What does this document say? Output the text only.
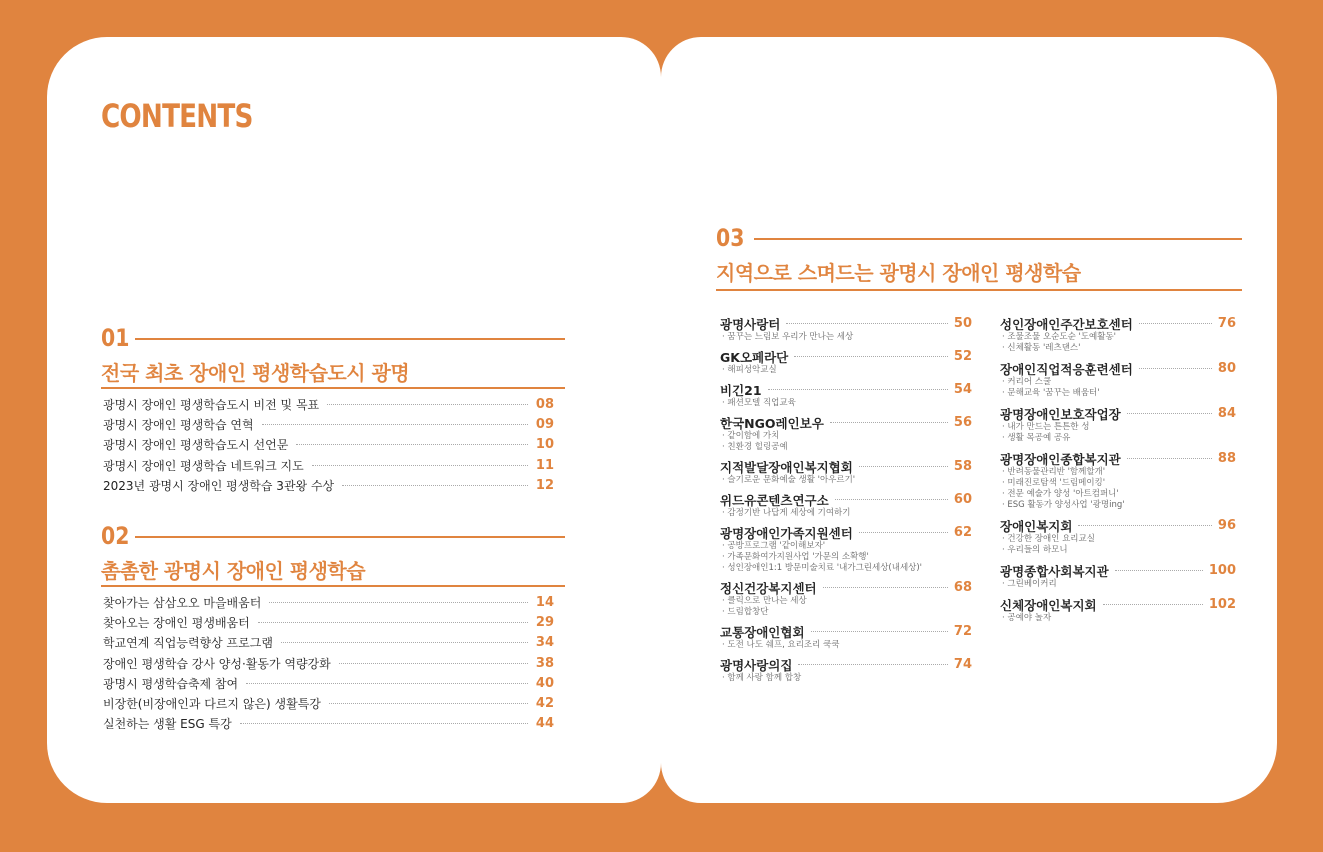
CONTENTS
01
전국 최초 장애인 평생학습도시 광명
광명시 장애인 평생학습도시 비전 및 목표	08
광명시 장애인 평생학습 연혁	09
광명시 장애인 평생학습도시 선언문	10
광명시 장애인 평생학습 네트워크 지도	11
2023년 광명시 장애인 평생학습 3관왕 수상	12
02
촘촘한 광명시 장애인 평생학습
찾아가는 삼삼오오 마을배움터	14
찾아오는 장애인 평생배움터	29
학교연계 직업능력향상 프로그램	34
장애인 평생학습 강사 양성·활동가 역량강화	38
광명시 평생학습축제 참여	40
비장한(비장애인과 다르지 않은) 생활특강	42
실천하는 생활 ESG 특강	44
03
지역으로 스며드는 광명시 장애인 평생학습
광명사랑터	50
· 꿈꾸는 느림보 우리가 만나는 세상
GK오페라단	52
· 해피성악교실
비긴21	54
· 패션모델 직업교육
한국NGO레인보우	56
· 같이함에 가치
· 친환경 힐링공예
지적발달장애인복지협회	58
· 슬기로운 문화예술 생활 '아우르기'
위드유콘텐츠연구소	60
· 감정기반 나답게 세상에 기여하기
광명장애인가족지원센터	62
· 공방프로그램 '같이해보자'
· 가족문화여가지원사업 '가문의 소확행'
· 성인장애인1:1 방문미술치료 '내가그린세상(내세상)'
정신건강복지센터	68
· 클릭으로 만나는 세상
· 드림합창단
교통장애인협회	72
· 도전 나도 쉐프, 요리조리 쿡쿡
광명사랑의집	74
· 함께 사랑 함께 합창
성인장애인주간보호센터	76
· 조물조물 오순도순 '도예활동'
· 신체활동 '레츠댄스'
장애인직업적응훈련센터	80
· 커리어 스쿨
· 문해교육 '꿈꾸는 배움터'
광명장애인보호작업장	84
· 내가 만드는 튼튼한 성
· 생활 목공예 공유
광명장애인종합복지관	88
· 반려동물관리반 '함께할개'
· 미래진로탐색 '드림메이킹'
· 전문 예술가 양성 '아트컴퍼니'
· ESG 활동가 양성사업 '광명ing'
장애인복지회	96
· 건강한 장애인 요리교실
· 우리들의 하모니
광명종합사회복지관	100
· 그린베이커리
신체장애인복지회	102
· 공예야 놀자
